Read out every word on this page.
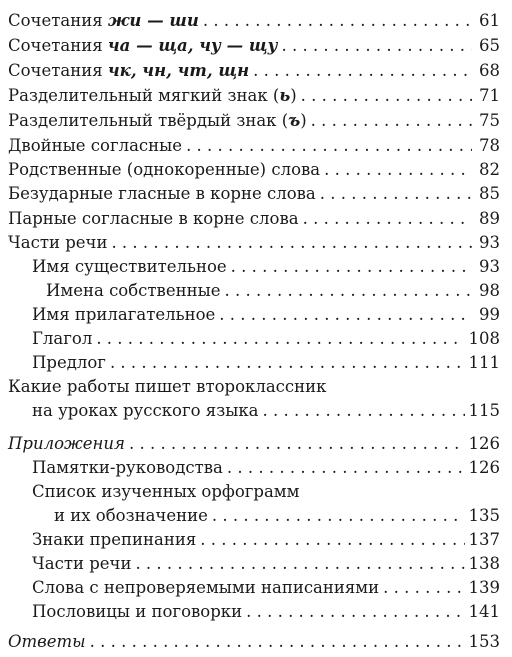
Сочетания жи — ши . . .	61
Сочетания ча — ща, чу — щу . . .	65
Сочетания чк, чн, чт, щн . . .	68
Разделительный мягкий знак (ь) . . .	71
Разделительный твёрдый знак (ъ) . . .	75
Двойные согласные . . .	78
Родственные (однокоренные) слова . . .	82
Безударные гласные в корне слова . . .	85
Парные согласные в корне слова . . .	89
Части речи . . .	93
Имя существительное . . .	93
Имена собственные . . .	98
Имя прилагательное . . .	99
Глагол . . .	108
Предлог . . .	111
Какие работы пишет второклассник
на уроках русского языка . . .	115
Приложения . . .	126
Памятки-руководства . . .	126
Список изученных орфограмм
и их обозначение . . .	135
Знаки препинания . . .	137
Части речи . . .	138
Слова с непроверяемыми написаниями . . .	139
Пословицы и поговорки . . .	141
Ответы . . .	153
